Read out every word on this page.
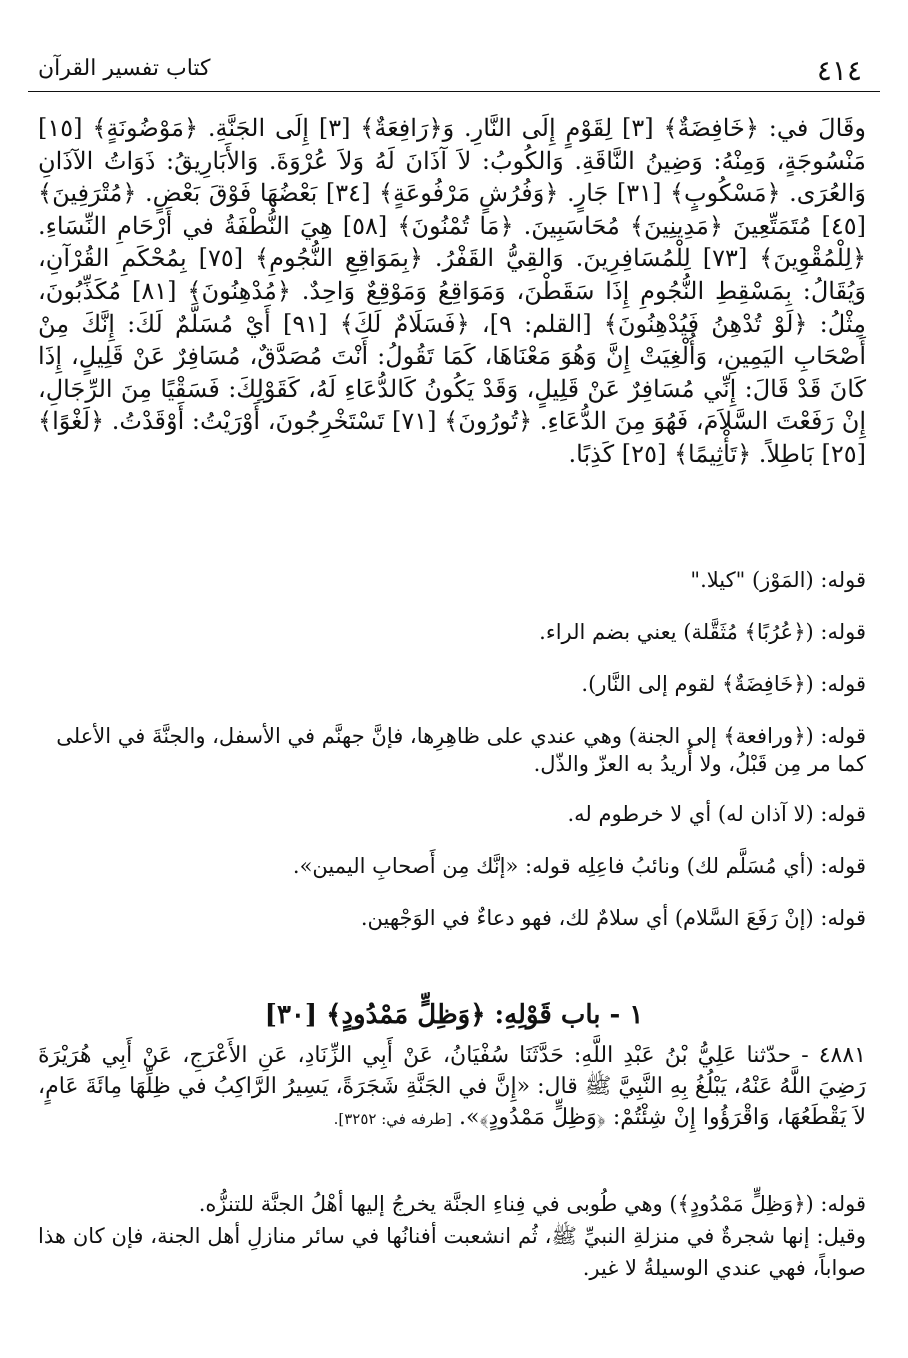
٤١٤
كتاب تفسير القرآن

وقَالَ في: ﴿خَافِضَةٌ﴾ [٣] لِقَوْمٍ إِلَى النَّارِ. وَ﴿رَافِعَةٌ﴾ [٣] إِلَى الجَنَّةِ. ﴿مَوْضُونَةٍ﴾ [١٥] مَنْسُوجَةٍ، وَمِنْهُ: وَضِينُ النَّاقَةِ. وَالكُوبُ: لاَ آذَانَ لَهُ وَلاَ عُرْوَةَ. وَالأَبَارِيقُ: ذَوَاتُ الآذَانِ وَالعُرَى. ﴿مَسْكُوبٍ﴾ [٣١] جَارٍ. ﴿وَفُرُشٍ مَرْفُوعَةٍ﴾ [٣٤] بَعْضُهَا فَوْقَ بَعْضٍ. ﴿مُتْرَفِينَ﴾ [٤٥] مُتَمَتِّعِينَ ﴿مَدِينِينَ﴾ مُحَاسَبِينَ. ﴿مَا تُمْنُونَ﴾ [٥٨] هِيَ النُّطْفَةُ في أَرْحَامِ النِّسَاءِ. ﴿لِلْمُقْوِينَ﴾ [٧٣] لِلْمُسَافِرِينَ. وَالقِيُّ القَفْرُ. ﴿بِمَوَاقِعِ النُّجُومِ﴾ [٧٥] بِمُحْكَمِ القُرْآنِ، وَيُقَالُ: بِمَسْقِطِ النُّجُومِ إِذَا سَقَطْنَ، وَمَوَاقِعُ وَمَوْقِعٌ وَاحِدٌ. ﴿مُدْهِنُونَ﴾ [٨١] مُكَذِّبُونَ، مِثْلُ: ﴿لَوْ تُدْهِنُ فَيُدْهِنُونَ﴾ [القلم: ٩]، ﴿فَسَلَامٌ لَكَ﴾ [٩١] أَيْ مُسَلَّمٌ لَكَ: إِنَّكَ مِنْ أَصْحَابِ اليَمِينِ، وَأُلْغِيَتْ إِنَّ وَهُوَ مَعْنَاهَا، كَمَا تَقُولُ: أَنْتَ مُصَدَّقٌ، مُسَافِرٌ عَنْ قَلِيلٍ، إِذَا كَانَ قَدْ قَالَ: إِنِّي مُسَافِرٌ عَنْ قَلِيلٍ، وَقَدْ يَكُونُ كَالدُّعَاءِ لَهُ، كَقَوْلِكَ: فَسَقْيًا مِنَ الرِّجَالِ، إِنْ رَفَعْتَ السَّلاَمَ، فَهُوَ مِنَ الدُّعَاءِ. ﴿تُورُونَ﴾ [٧١] تَسْتَخْرِجُونَ، أَوْرَيْتُ: أَوْقَدْتُ. ﴿لَغْوًا﴾ [٢٥] بَاطِلاً. ﴿تَأْثِيمًا﴾ [٢٥] كَذِبًا.

قوله: (المَوْز) "كيلا."

قوله: (﴿عُرُبًا﴾ مُثَقَّلة) يعني بضم الراء.

قوله: (﴿خَافِضَةٌ﴾ لقوم إلى النَّار).

قوله: (﴿ورافعة﴾ إلى الجنة) وهي عندي على ظاهِرِها، فإنَّ جهنَّم في الأسفل، والجنَّةَ في الأعلى كما مر مِن قَبْلُ، ولا أُريدُ به العزّ والذّل.

قوله: (لا آذان له) أي لا خرطوم له.

قوله: (أي مُسَلَّم لك) ونائبُ فاعِلِه قوله: «إنَّك مِن أَصحابِ اليمين».

قوله: (إنْ رَفَعَ السَّلام) أي سلامٌ لك، فهو دعاءٌ في الوَجْهين.

١ - باب قَوْلِهِ: ﴿وَظِلٍّ مَمْدُودٍ﴾ [٣٠]

٤٨٨١ - حدّثنا عَلِيُّ بْنُ عَبْدِ اللَّهِ: حَدَّثَنَا سُفْيَانُ، عَنْ أَبِي الزِّنَادِ، عَنِ الأَعْرَجِ، عَنْ أَبِي هُرَيْرَةَ رَضِيَ اللَّهُ عَنْهُ، يَبْلُغُ بِهِ النَّبِيَّ ﷺ قال: «إِنَّ في الجَنَّةِ شَجَرَةً، يَسِيرُ الرَّاكِبُ في ظِلِّهَا مِائَةَ عَامٍ، لاَ يَقْطَعُهَا، وَاقْرَؤُوا إِنْ شِئْتُمْ: ﴿وَظِلٍّ مَمْدُودٍ﴾». [طرفه في: ٣٢٥٢].

قوله: (﴿وَظِلٍّ مَمْدُودٍ﴾) وهي طُوبى في فِناءِ الجنَّة يخرجُ إليها أهْلُ الجنَّة للتنزُّه.

وقيل: إنها شجرةٌ في منزلةِ النبيِّ ﷺ، ثُم انشعبت أفنانُها في سائر منازلِ أهل الجنة، فإن كان هذا صواباً، فهي عندي الوسيلةُ لا غير.
